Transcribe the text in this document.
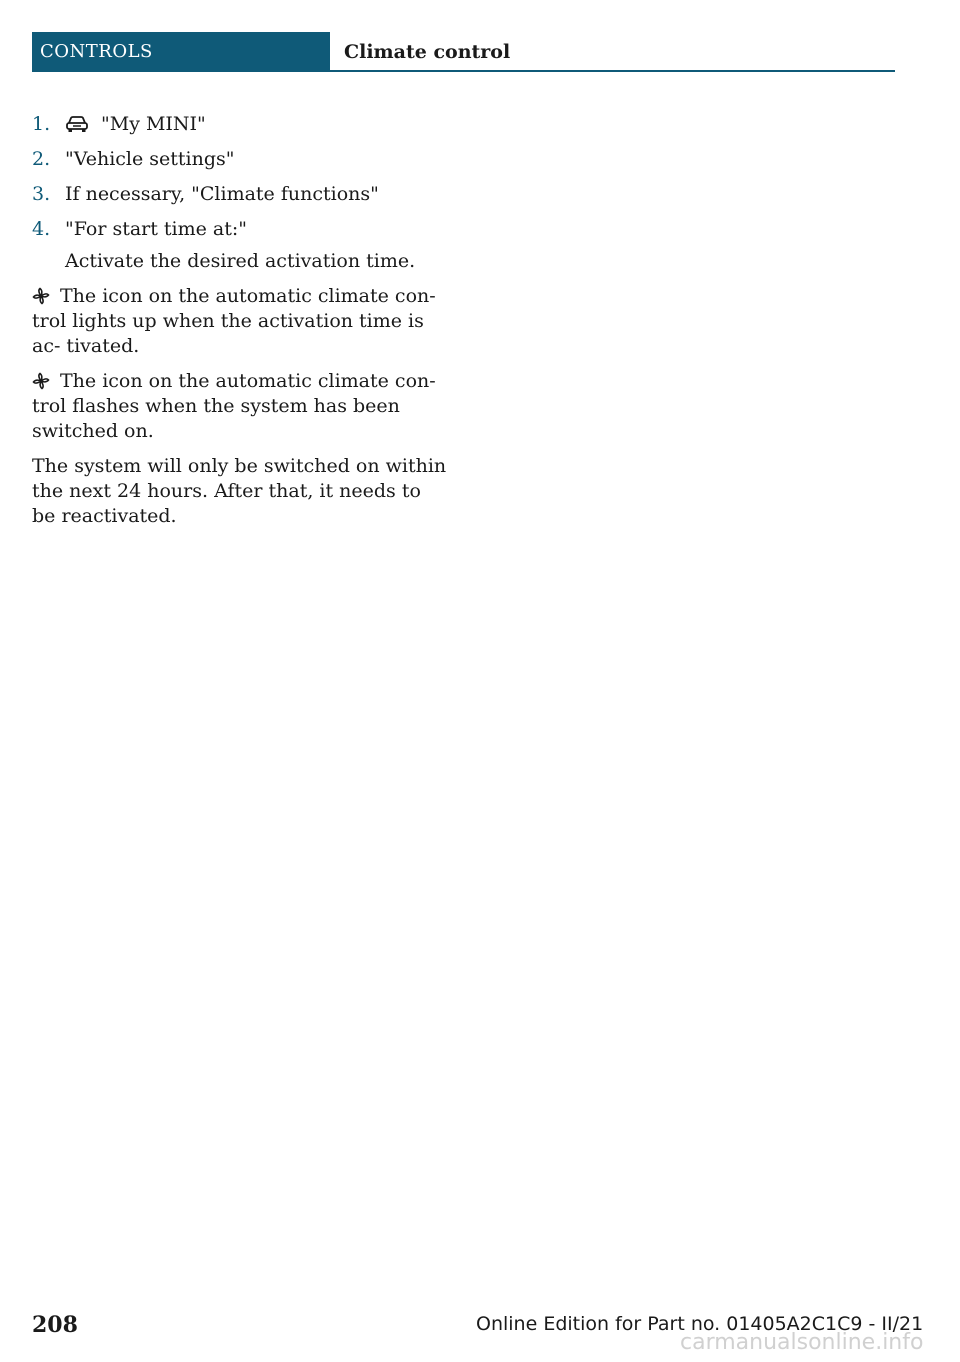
CONTROLS	Climate control
1.	"My MINI"
2. "Vehicle settings"
3. If necessary, "Climate functions"
4. "For start time at:"
Activate the desired activation time.

The icon on the automatic climate con- trol lights up when the activation time is ac- tivated.

The icon on the automatic climate con- trol flashes when the system has been switched on.

The system will only be switched on within the next 24 hours. After that, it needs to be reactivated.

208	Online Edition for Part no. 01405A2C1C9 - II/21
carmanualsonline.info
